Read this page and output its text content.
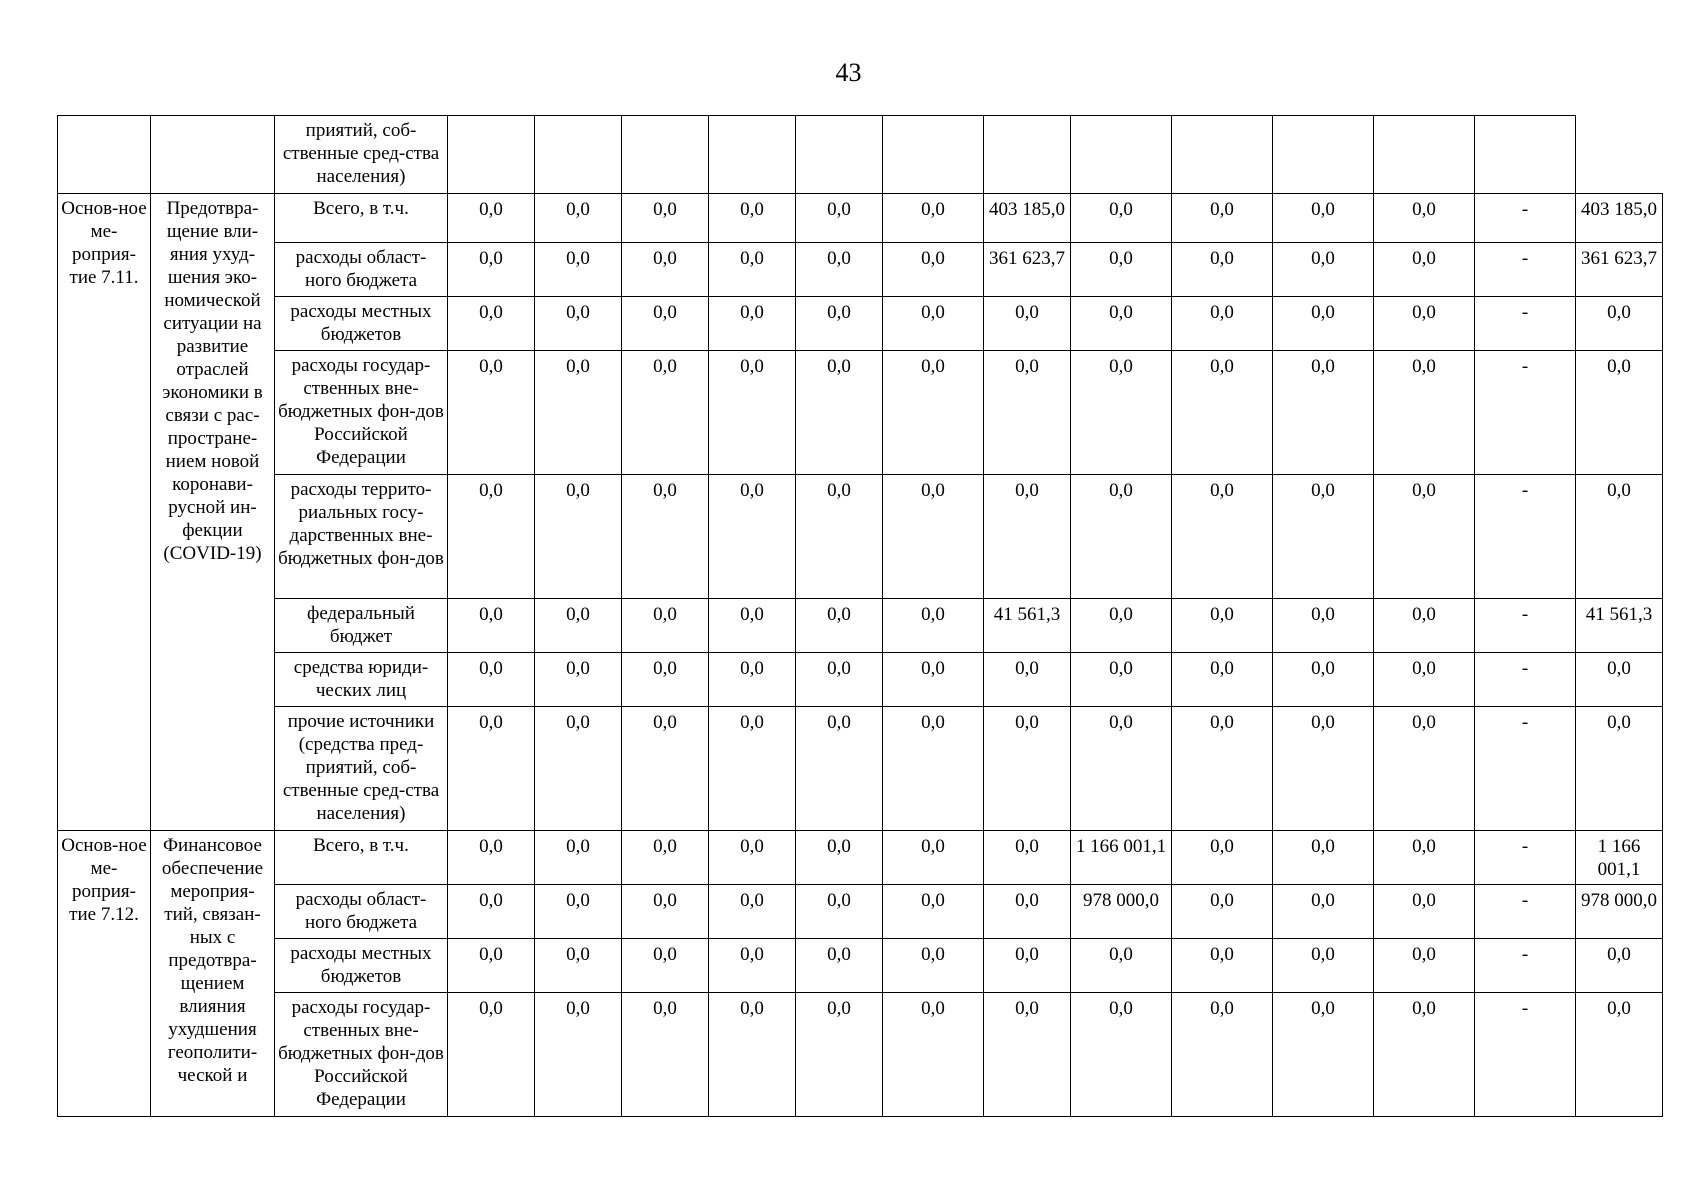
43
		приятий, соб-ственные сред-ства населения)													
Основ-ное ме-роприя-тие 7.11.	Предотвра-щение вли-яния ухуд-шения эко-номической ситуации на развитие отраслей экономики в связи с рас-простране-нием новой коронави-русной ин-фекции (COVID-19)	Всего, в т.ч.	0,0	0,0	0,0	0,0	0,0	0,0	403 185,0	0,0	0,0	0,0	0,0	-	403 185,0
		расходы област-ного бюджета	0,0	0,0	0,0	0,0	0,0	0,0	361 623,7	0,0	0,0	0,0	0,0	-	361 623,7
		расходы местных бюджетов	0,0	0,0	0,0	0,0	0,0	0,0	0,0	0,0	0,0	0,0	0,0	-	0,0
		расходы государ-ственных вне-бюджетных фон-дов Российской Федерации	0,0	0,0	0,0	0,0	0,0	0,0	0,0	0,0	0,0	0,0	0,0	-	0,0
		расходы террито-риальных госу-дарственных вне-бюджетных фон-дов	0,0	0,0	0,0	0,0	0,0	0,0	0,0	0,0	0,0	0,0	0,0	-	0,0
		федеральный бюджет	0,0	0,0	0,0	0,0	0,0	0,0	41 561,3	0,0	0,0	0,0	0,0	-	41 561,3
		средства юриди-ческих лиц	0,0	0,0	0,0	0,0	0,0	0,0	0,0	0,0	0,0	0,0	0,0	-	0,0
		прочие источники (средства пред-приятий, соб-ственные сред-ства населения)	0,0	0,0	0,0	0,0	0,0	0,0	0,0	0,0	0,0	0,0	0,0	-	0,0
Основ-ное ме-роприя-тие 7.12.	Финансовое обеспечение мероприя-тий, связан-ных с предотвра-щением влияния ухудшения геополити-ческой и	Всего, в т.ч.	0,0	0,0	0,0	0,0	0,0	0,0	0,0	1 166 001,1	0,0	0,0	0,0	-	1 166 001,1
		расходы област-ного бюджета	0,0	0,0	0,0	0,0	0,0	0,0	0,0	978 000,0	0,0	0,0	0,0	-	978 000,0
		расходы местных бюджетов	0,0	0,0	0,0	0,0	0,0	0,0	0,0	0,0	0,0	0,0	0,0	-	0,0
		расходы государ-ственных вне-бюджетных фон-дов Российской Федерации	0,0	0,0	0,0	0,0	0,0	0,0	0,0	0,0	0,0	0,0	0,0	-	0,0
